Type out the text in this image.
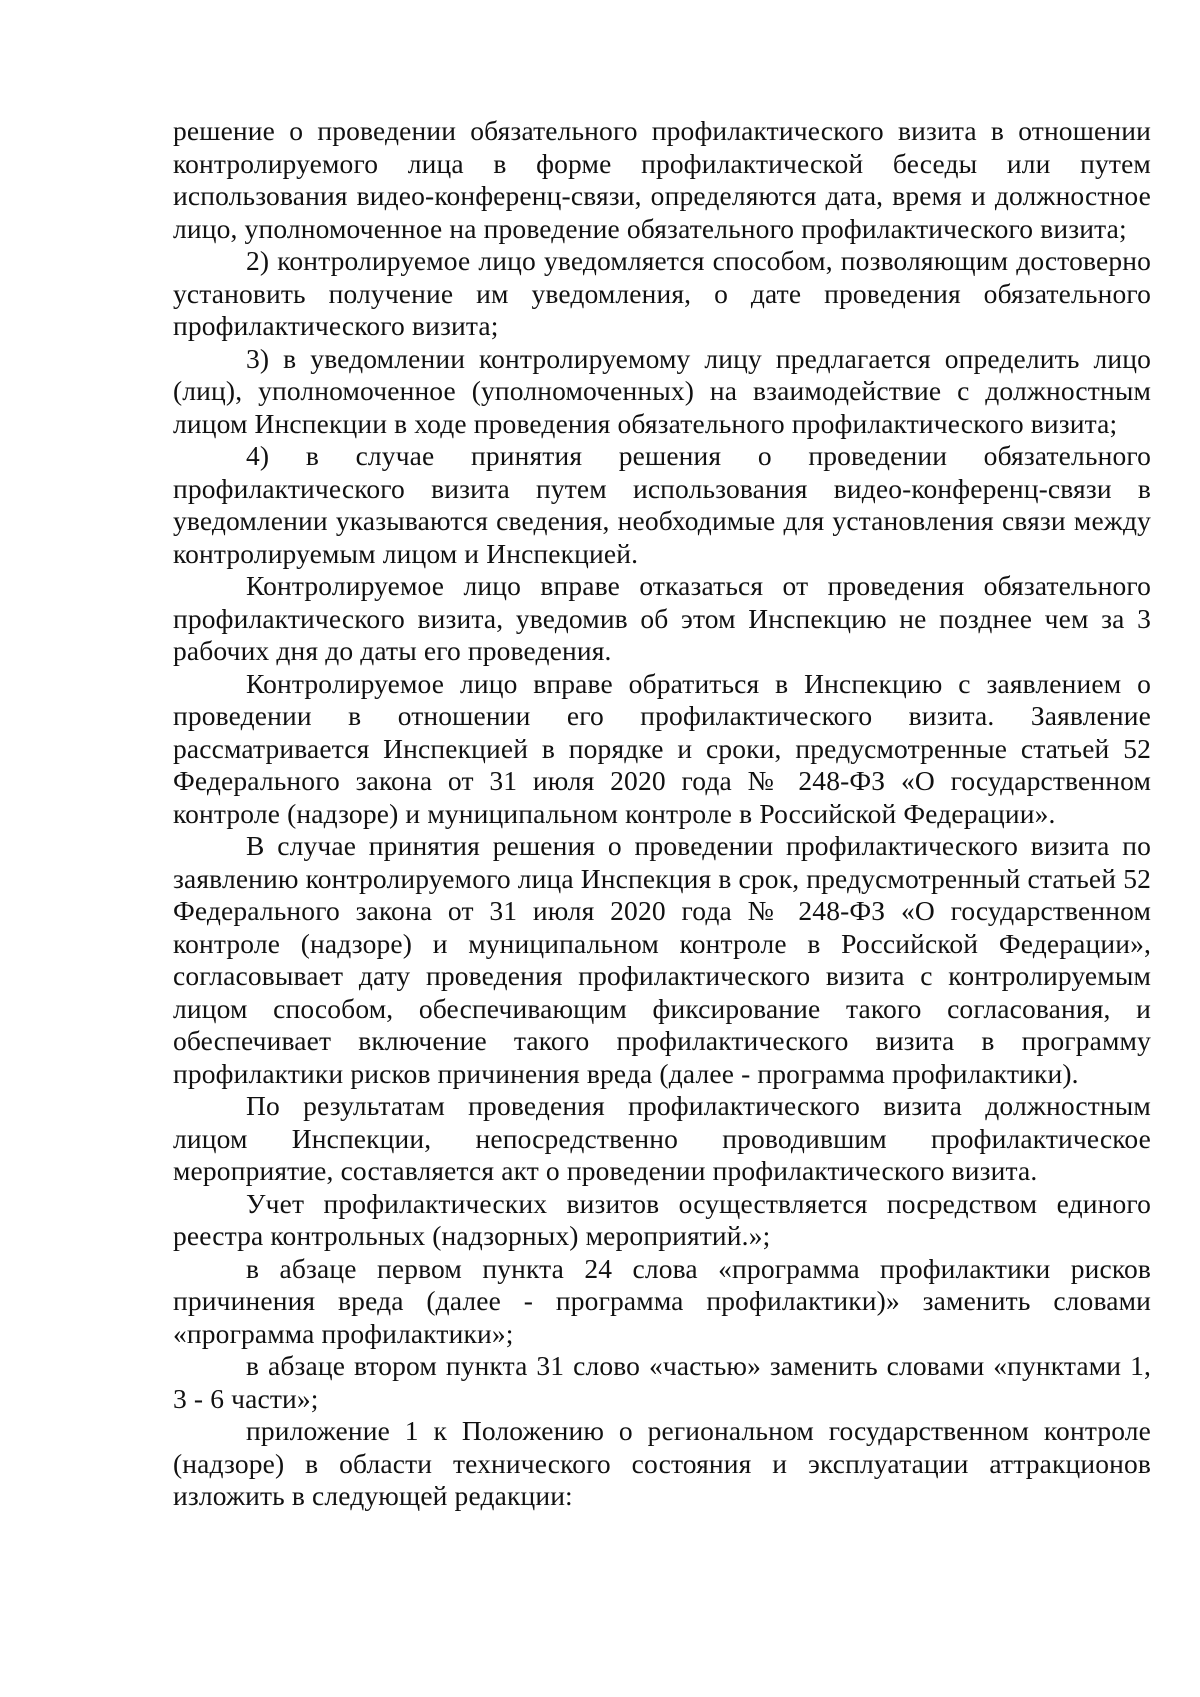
решение о проведении обязательного профилактического визита в отношении контролируемого лица в форме профилактической беседы или путем использования видео-конференц-связи, определяются дата, время и должностное лицо, уполномоченное на проведение обязательного профилактического визита;

2) контролируемое лицо уведомляется способом, позволяющим достоверно установить получение им уведомления, о дате проведения обязательного профилактического визита;

3) в уведомлении контролируемому лицу предлагается определить лицо (лиц), уполномоченное (уполномоченных) на взаимодействие с должностным лицом Инспекции в ходе проведения обязательного профилактического визита;

4) в случае принятия решения о проведении обязательного профилактического визита путем использования видео-конференц-связи в уведомлении указываются сведения, необходимые для установления связи между контролируемым лицом и Инспекцией.

Контролируемое лицо вправе отказаться от проведения обязательного профилактического визита, уведомив об этом Инспекцию не позднее чем за 3 рабочих дня до даты его проведения.

Контролируемое лицо вправе обратиться в Инспекцию с заявлением о проведении в отношении его профилактического визита. Заявление рассматривается Инспекцией в порядке и сроки, предусмотренные статьей 52 Федерального закона от 31 июля 2020 года № 248-ФЗ «О государственном контроле (надзоре) и муниципальном контроле в Российской Федерации».

В случае принятия решения о проведении профилактического визита по заявлению контролируемого лица Инспекция в срок, предусмотренный статьей 52 Федерального закона от 31 июля 2020 года № 248-ФЗ «О государственном контроле (надзоре) и муниципальном контроле в Российской Федерации», согласовывает дату проведения профилактического визита с контролируемым лицом способом, обеспечивающим фиксирование такого согласования, и обеспечивает включение такого профилактического визита в программу профилактики рисков причинения вреда (далее - программа профилактики).

По результатам проведения профилактического визита должностным лицом Инспекции, непосредственно проводившим профилактическое мероприятие, составляется акт о проведении профилактического визита.

Учет профилактических визитов осуществляется посредством единого реестра контрольных (надзорных) мероприятий.»;

в абзаце первом пункта 24 слова «программа профилактики рисков причинения вреда (далее - программа профилактики)» заменить словами «программа профилактики»;

в абзаце втором пункта 31 слово «частью» заменить словами «пунктами 1, 3 - 6 части»;

приложение 1 к Положению о региональном государственном контроле (надзоре) в области технического состояния и эксплуатации аттракционов изложить в следующей редакции:
